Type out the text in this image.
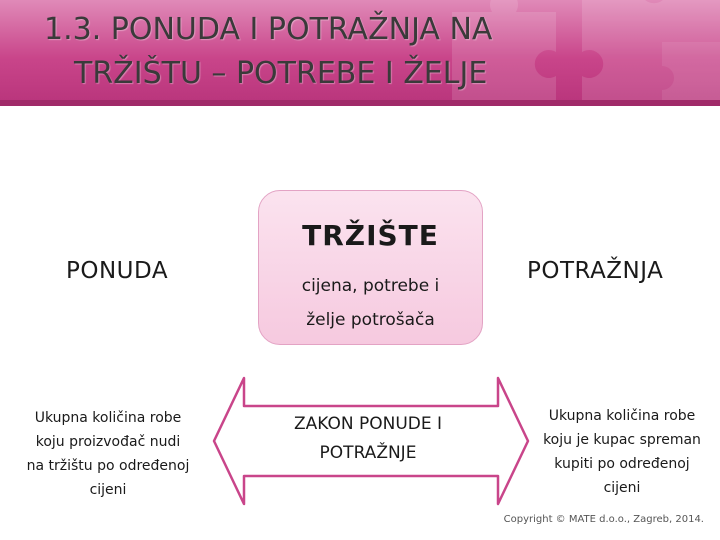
1.3. PONUDA I POTRAŽNJA NA
TRŽIŠTU – POTREBE I ŽELJE
TRŽIŠTE
cijena, potrebe i
želje potrošača
PONUDA	POTRAŽNJA
ZAKON PONUDE I
POTRAŽNJE
Ukupna količina robe
koju proizvođač nudi
na tržištu po određenoj
cijeni
Ukupna količina robe
koju je kupac spreman
kupiti po određenoj
cijeni
Copyright © MATE d.o.o., Zagreb, 2014.
